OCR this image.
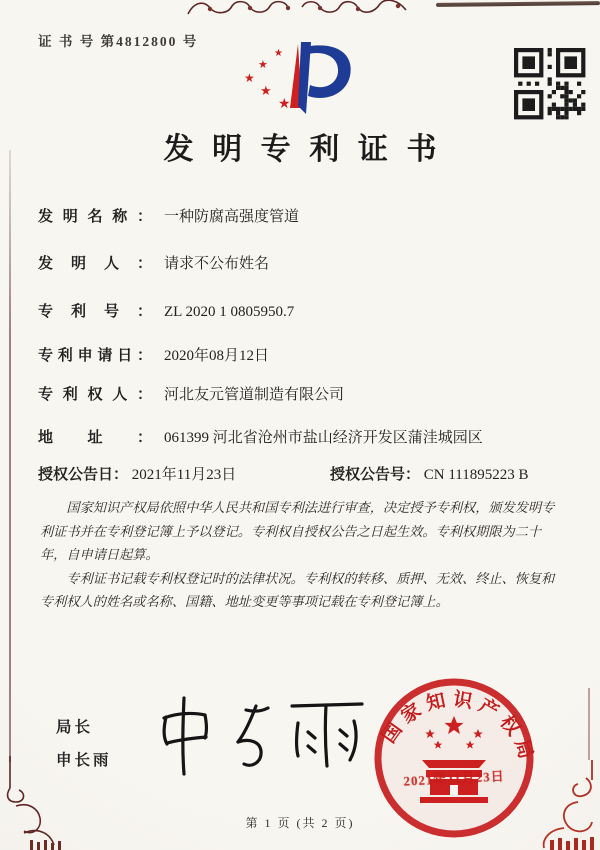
证 书 号 第4812800 号
★
★
★
★
★
发明专利证书
发明名称： 一种防腐高强度管道
发明人： 请求不公布姓名
专利号： ZL 2020 1 0805950.7
专利申请日： 2020年08月12日
专利权人： 河北友元管道制造有限公司
地址： 061399 河北省沧州市盐山经济开发区蒲洼城园区
授权公告日： 2021年11月23日	授权公告号： CN 111895223 B

国家知识产权局依照中华人民共和国专利法进行审查，决定授予专利权，颁发发明专利证书并在专利登记簿上予以登记。专利权自授权公告之日起生效。专利权期限为二十年，自申请日起算。

专利证书记载专利权登记时的法律状况。专利权的转移、质押、无效、终止、恢复和专利权人的姓名或名称、国籍、地址变更等事项记载在专利登记簿上。

局长
申长雨
国家知识产权局
2021年11月23日
第 1 页 (共 2 页)
